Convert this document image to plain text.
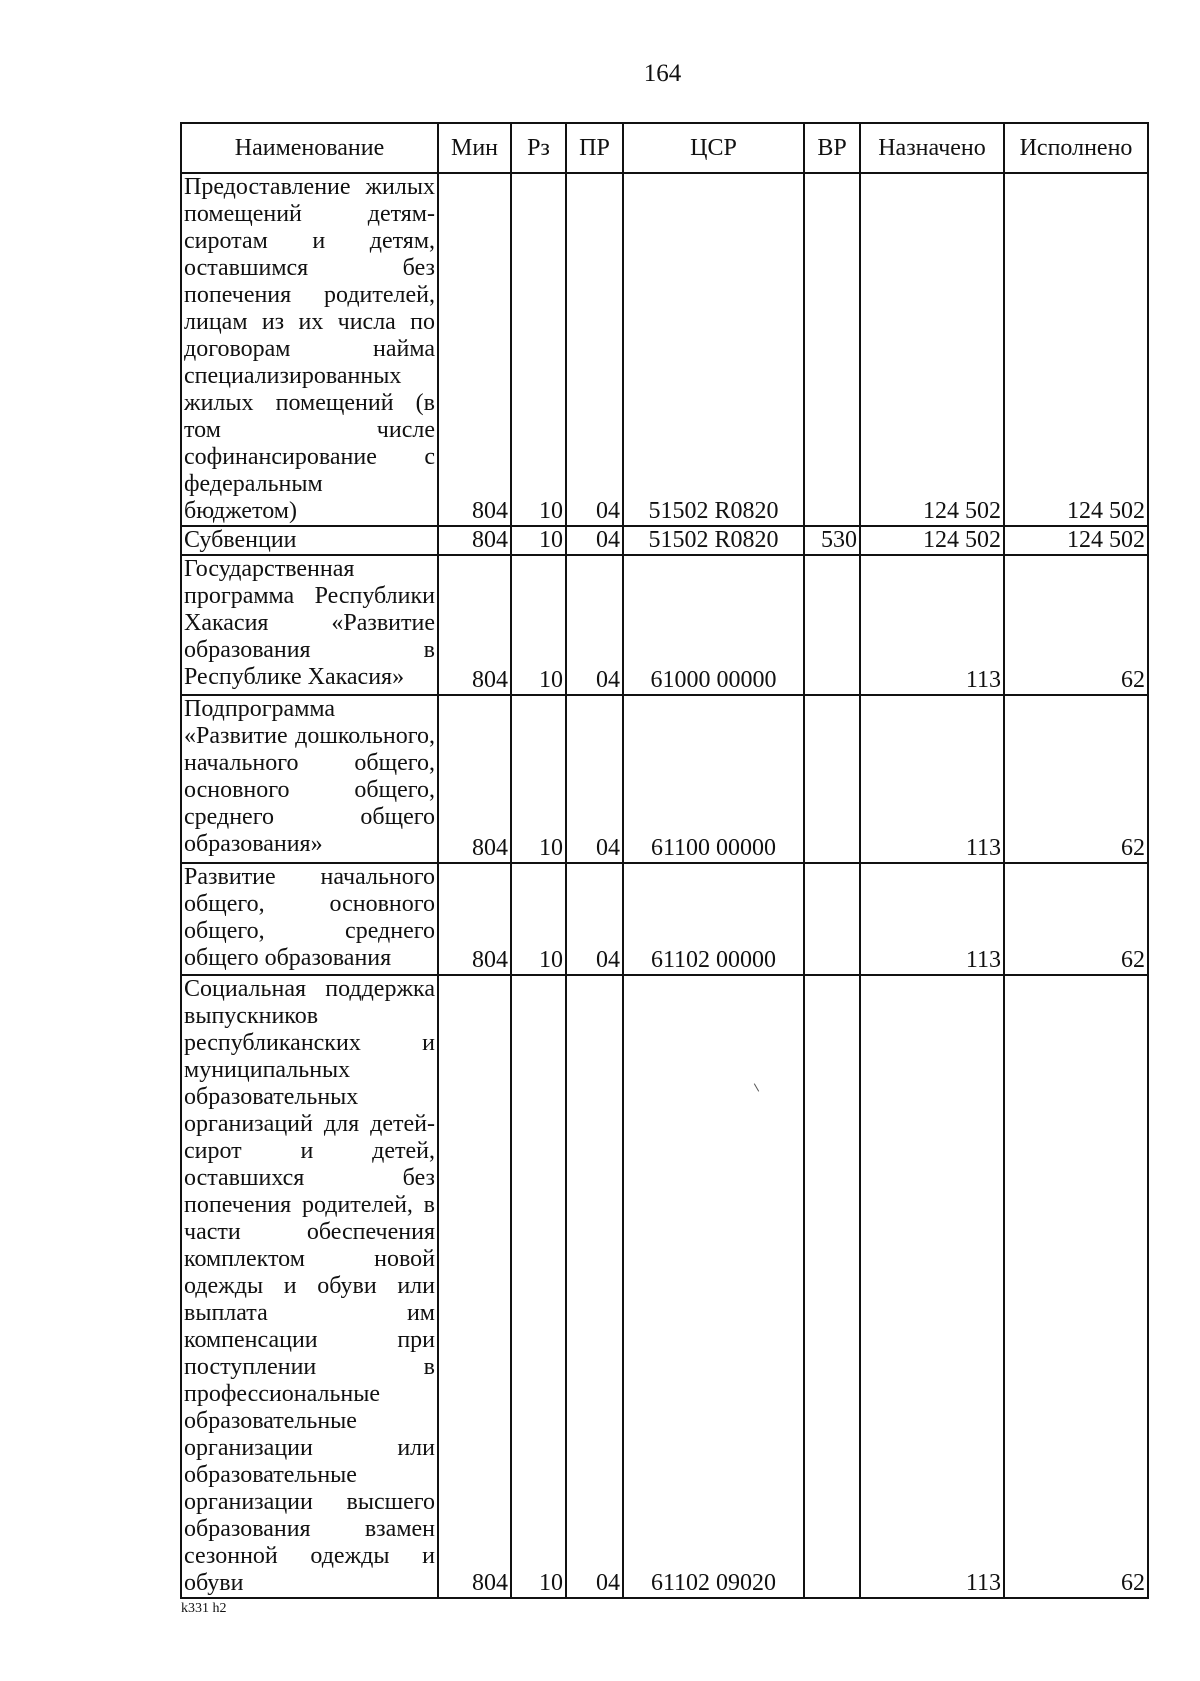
164
Наименование	Мин	Рз	ПР	ЦСР	ВР	Назначено	Исполнено
Предоставление жилых помещений детям-сиротам и детям, оставшимся без попечения родителей, лицам из их числа по договорам найма специализированных жилых помещений (в том числе софинансирование с федеральным бюджетом)	804	10	04	51502 R0820		124 502	124 502
Субвенции	804	10	04	51502 R0820	530	124 502	124 502
Государственная программа Республики Хакасия «Развитие образования в Республике Хакасия»	804	10	04	61000 00000		113	62
Подпрограмма «Развитие дошкольного, начального общего, основного общего, среднего общего образования»	804	10	04	61100 00000		113	62
Развитие начального общего, основного общего, среднего общего образования	804	10	04	61102 00000		113	62
Социальная поддержка выпускников республиканских и муниципальных образовательных организаций для детей-сирот и детей, оставшихся без попечения родителей, в части обеспечения комплектом новой одежды и обуви или выплата им компенсации при поступлении в профессиональные образовательные организации или образовательные организации высшего образования взамен сезонной одежды и обуви	804	10	04	61102 09020		113	62
k331 h2
